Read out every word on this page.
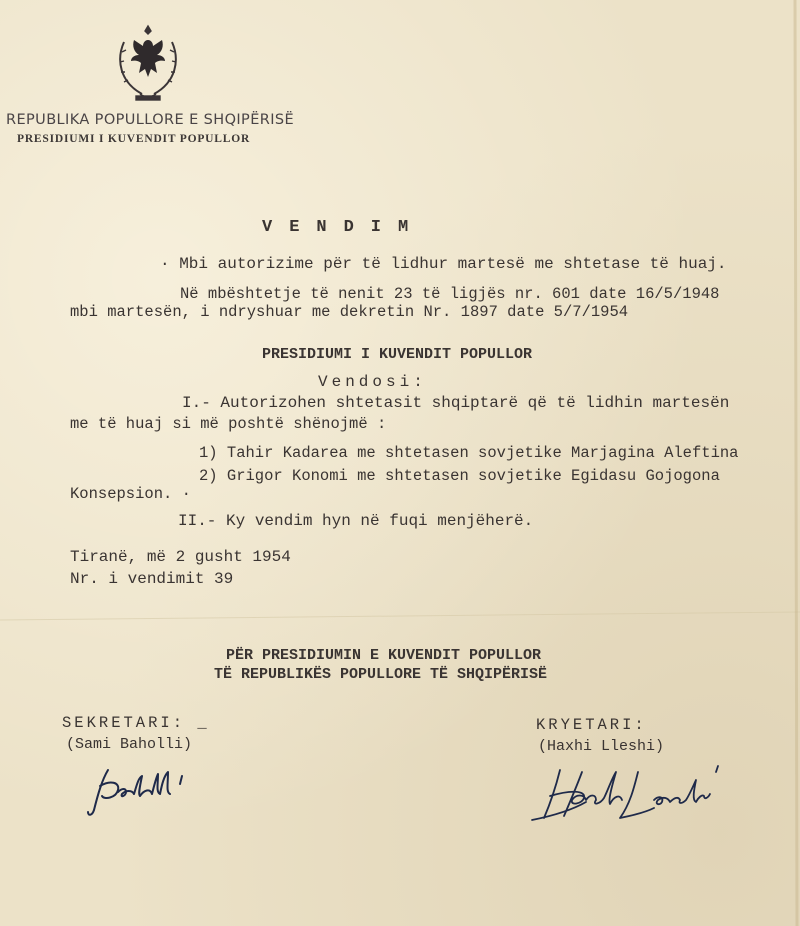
REPUBLIKA POPULLORE E SHQIPËRISË
PRESIDIUMI I KUVENDIT POPULLOR
VENDIM
· Mbi autorizime për të lidhur martesë me shtetase të huaj.
Në mbështetje të nenit 23 të ligjës nr. 601 date 16/5/1948
mbi martesën, i ndryshuar me dekretin Nr. 1897 date 5/7/1954
PRESIDIUMI I KUVENDIT POPULLOR
Vendosi:
I.- Autorizohen shtetasit shqiptarë që të lidhin martesën
me të huaj si më poshtë shënojmë :
1) Tahir Kadarea me shtetasen sovjetike Marjagina Aleftina
2) Grigor Konomi me shtetasen sovjetike Egidasu Gojogona
Konsepsion. ·
II.- Ky vendim hyn në fuqi menjëherë.
Tiranë, më 2 gusht 1954
Nr. i vendimit 39
PËR PRESIDIUMIN E KUVENDIT POPULLOR
TË REPUBLIKËS POPULLORE TË SHQIPËRISË
SEKRETARI: _
(Sami Baholli)
KRYETARI:
(Haxhi Lleshi)
